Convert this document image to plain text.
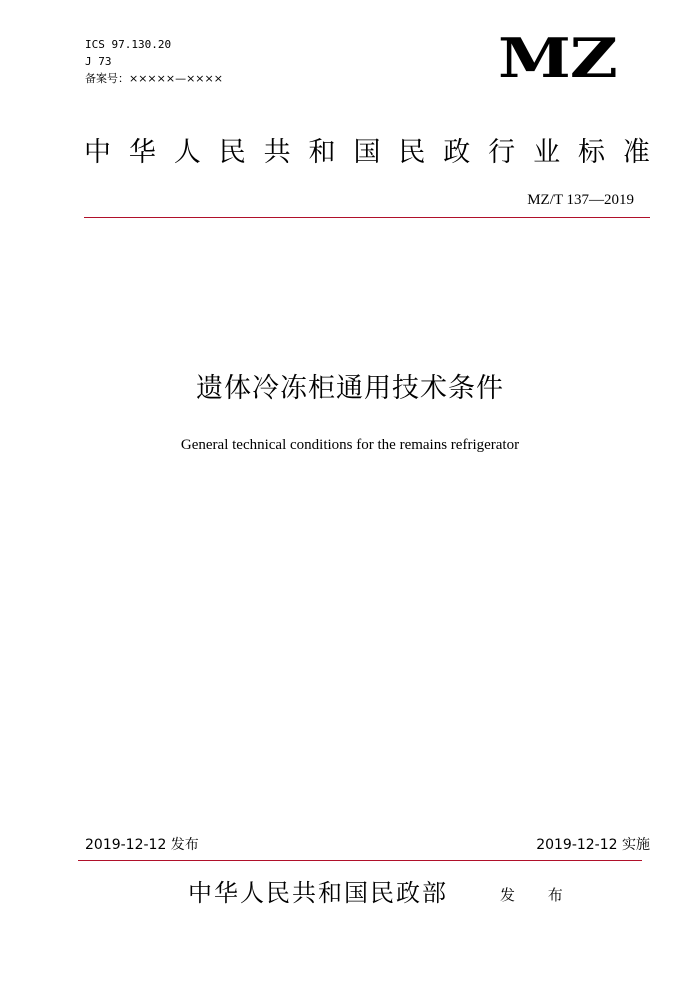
ICS 97.130.20
J 73
备案号：×××××—××××	MZ
中 华 人 民 共 和 国 民 政 行 业 标 准
MZ/T 137—2019
遗体冷冻柜通用技术条件
General technical conditions for the remains refrigerator
2019-12-12 发布	2019-12-12 实施
中华人民共和国民政部	发 布
